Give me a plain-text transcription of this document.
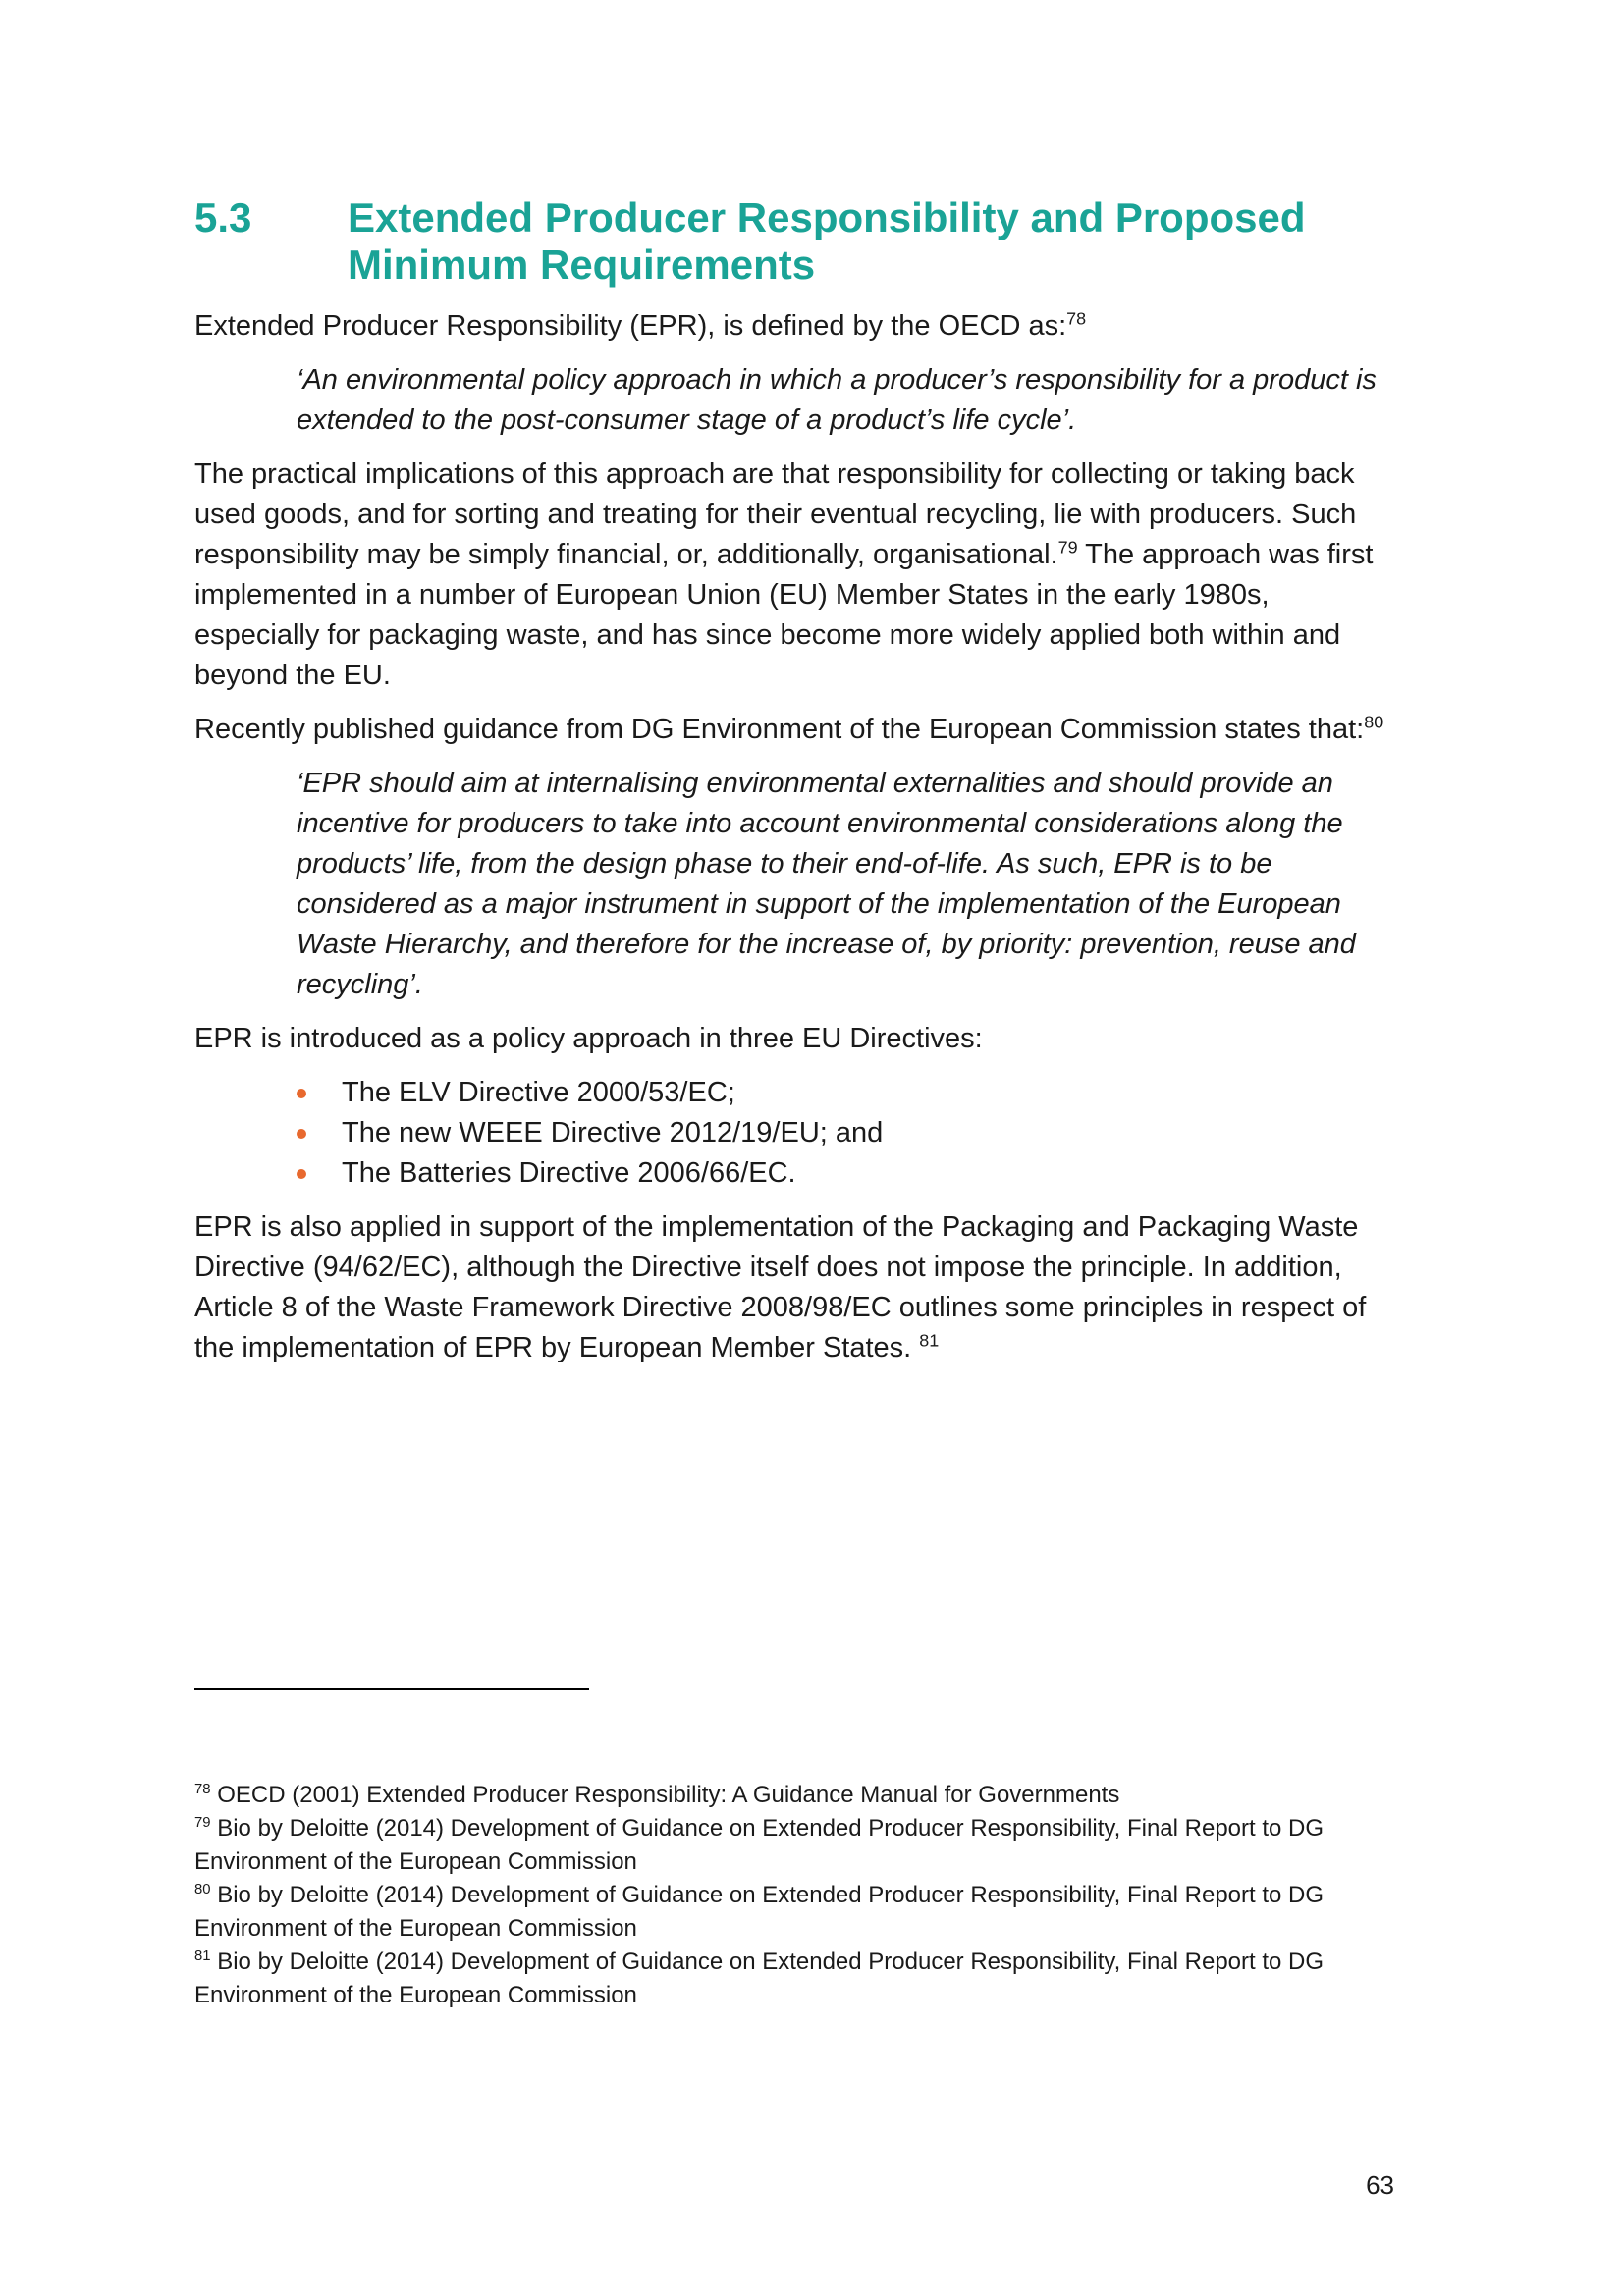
5.3 Extended Producer Responsibility and Proposed Minimum Requirements

Extended Producer Responsibility (EPR), is defined by the OECD as:$^{78}$

‘An environmental policy approach in which a producer’s responsibility for a product is extended to the post-consumer stage of a product’s life cycle’.

The practical implications of this approach are that responsibility for collecting or taking back used goods, and for sorting and treating for their eventual recycling, lie with producers. Such responsibility may be simply financial, or, additionally, organisational.$^{79}$ The approach was first implemented in a number of European Union (EU) Member States in the early 1980s, especially for packaging waste, and has since become more widely applied both within and beyond the EU.

Recently published guidance from DG Environment of the European Commission states that:$^{80}$

‘EPR should aim at internalising environmental externalities and should provide an incentive for producers to take into account environmental considerations along the products’ life, from the design phase to their end-of-life. As such, EPR is to be considered as a major instrument in support of the implementation of the European Waste Hierarchy, and therefore for the increase of, by priority: prevention, reuse and recycling’.

EPR is introduced as a policy approach in three EU Directives:

The ELV Directive 2000/53/EC;
The new WEEE Directive 2012/19/EU; and
The Batteries Directive 2006/66/EC.

EPR is also applied in support of the implementation of the Packaging and Packaging Waste Directive (94/62/EC), although the Directive itself does not impose the principle. In addition, Article 8 of the Waste Framework Directive 2008/98/EC outlines some principles in respect of the implementation of EPR by European Member States. $^{81}$

$^{78}$ OECD (2001) Extended Producer Responsibility: A Guidance Manual for Governments

$^{79}$ Bio by Deloitte (2014) Development of Guidance on Extended Producer Responsibility, Final Report to DG Environment of the European Commission

$^{80}$ Bio by Deloitte (2014) Development of Guidance on Extended Producer Responsibility, Final Report to DG Environment of the European Commission

$^{81}$ Bio by Deloitte (2014) Development of Guidance on Extended Producer Responsibility, Final Report to DG Environment of the European Commission

63
